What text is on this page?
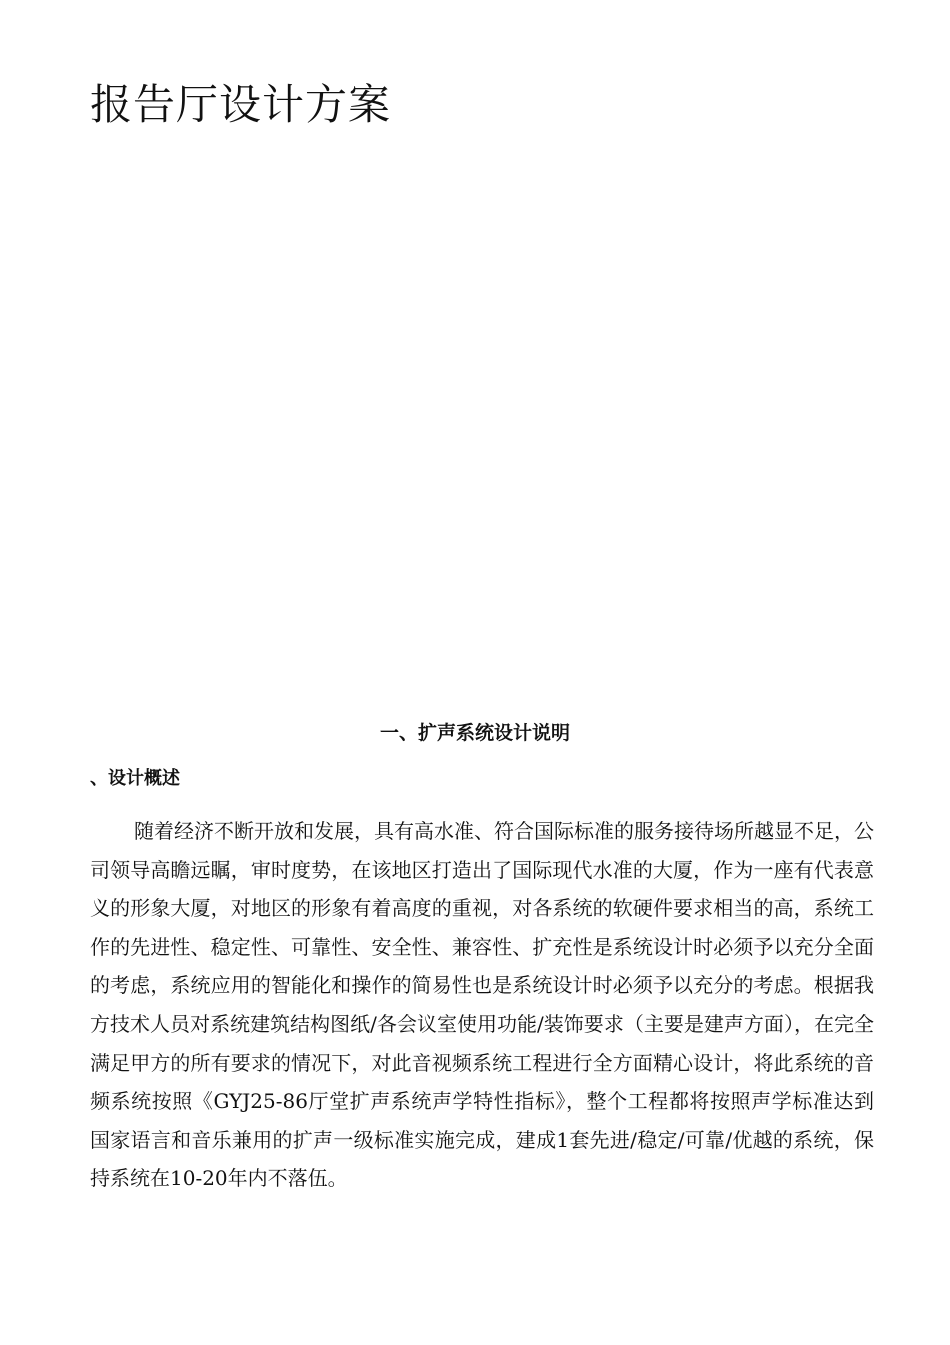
报告厅设计方案
一、扩声系统设计说明
、设计概述

随着经济不断开放和发展，具有高水准、符合国际标准的服务接待场所越显不足，公司领导高瞻远瞩，审时度势，在该地区打造出了国际现代水准的大厦，作为一座有代表意义的形象大厦，对地区的形象有着高度的重视，对各系统的软硬件要求相当的高，系统工作的先进性、稳定性、可靠性、安全性、兼容性、扩充性是系统设计时必须予以充分全面的考虑，系统应用的智能化和操作的简易性也是系统设计时必须予以充分的考虑。根据我方技术人员对系统建筑结构图纸/各会议室使用功能/装饰要求（主要是建声方面），在完全满足甲方的所有要求的情况下，对此音视频系统工程进行全方面精心设计，将此系统的音频系统按照《GYJ25-86厅堂扩声系统声学特性指标》，整个工程都将按照声学标准达到国家语言和音乐兼用的扩声一级标准实施完成，建成1套先进/稳定/可靠/优越的系统，保持系统在10-20年内不落伍。
